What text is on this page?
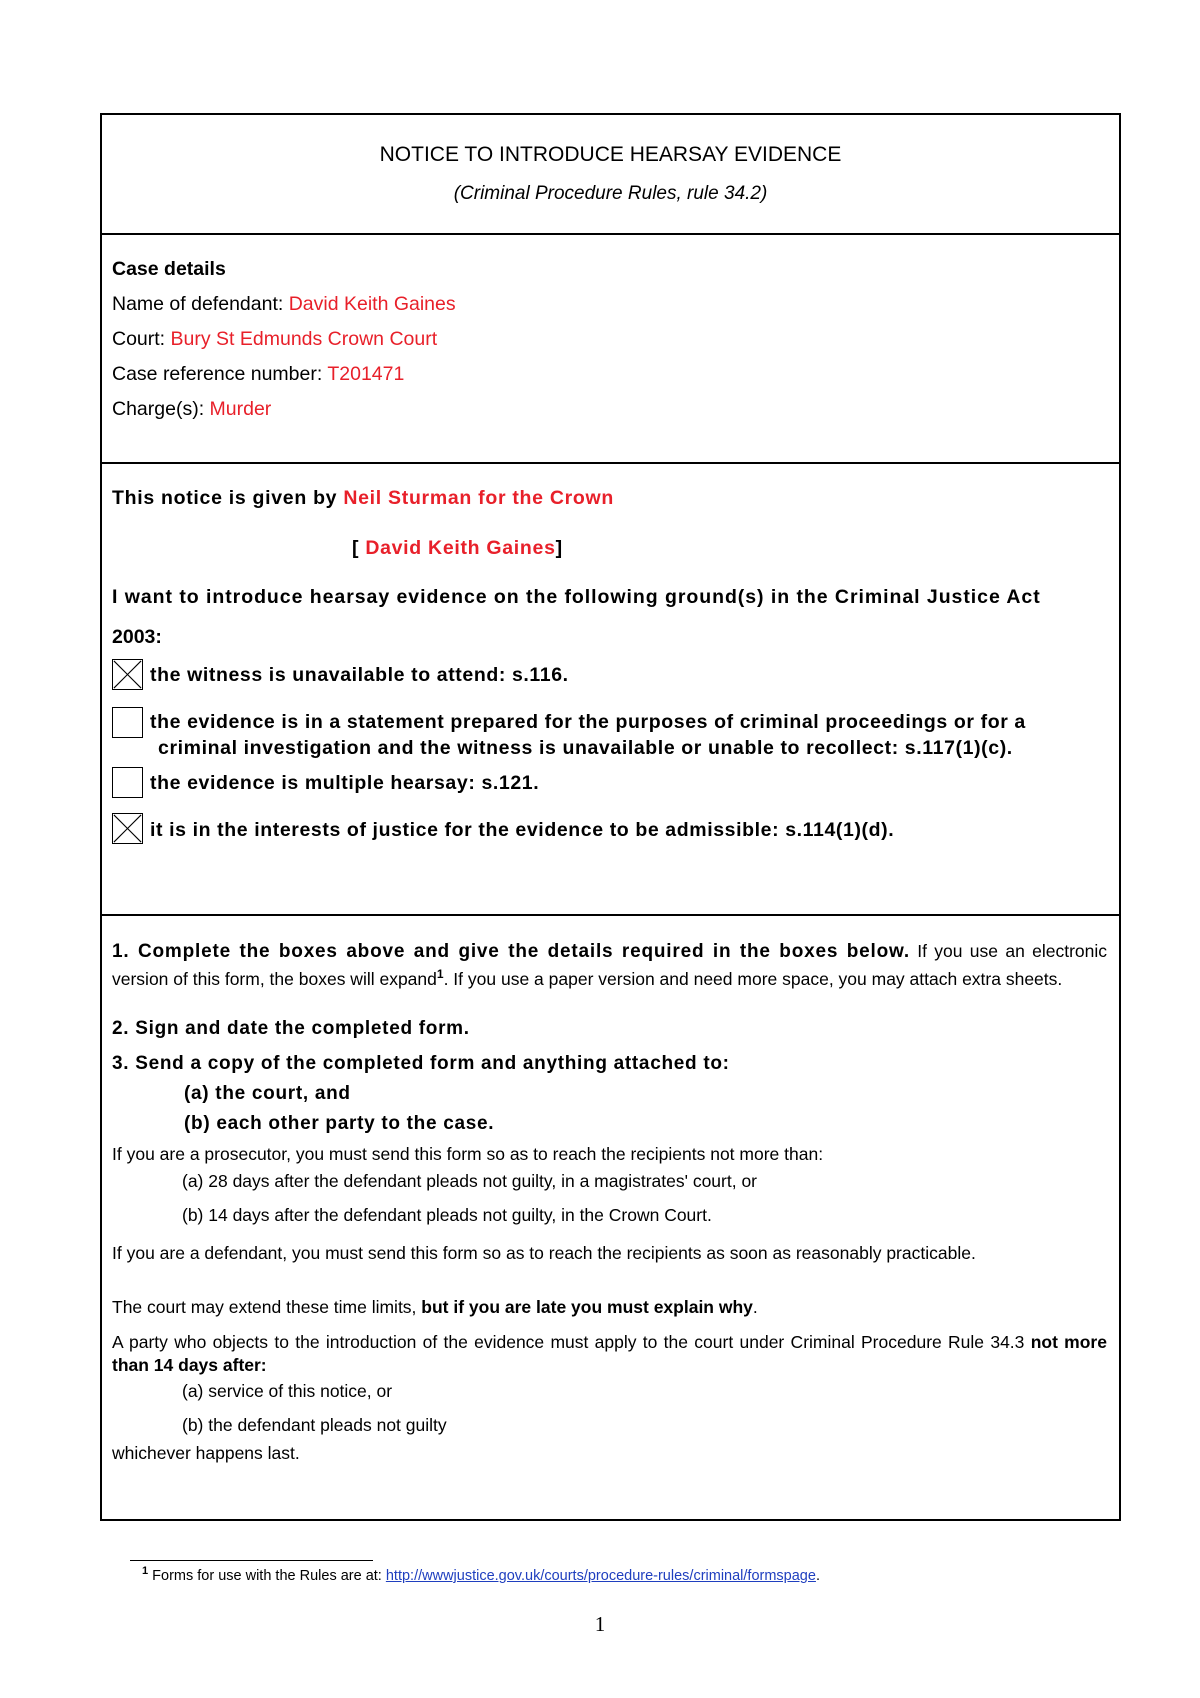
NOTICE TO INTRODUCE HEARSAY EVIDENCE
(Criminal Procedure Rules, rule 34.2)
Case details
Name of defendant: David Keith Gaines
Court: Bury St Edmunds Crown Court
Case reference number: T201471
Charge(s): Murder
This notice is given by Neil Sturman for the Crown
[ David Keith Gaines]
I want to introduce hearsay evidence on the following ground(s) in the Criminal Justice Act
2003:
the witness is unavailable to attend: s.116.
the evidence is in a statement prepared for the purposes of criminal proceedings or for a
criminal investigation and the witness is unavailable or unable to recollect: s.117(1)(c).
the evidence is multiple hearsay: s.121.
it is in the interests of justice for the evidence to be admissible: s.114(1)(d).
1. Complete the boxes above and give the details required in the boxes below. If you use an electronic version of this form, the boxes will expand$^1$. If you use a paper version and need more space, you may attach extra sheets.
2. Sign and date the completed form.
3. Send a copy of the completed form and anything attached to:
(a) the court, and
(b) each other party to the case.
If you are a prosecutor, you must send this form so as to reach the recipients not more than:
(a) 28 days after the defendant pleads not guilty, in a magistrates' court, or
(b) 14 days after the defendant pleads not guilty, in the Crown Court.
If you are a defendant, you must send this form so as to reach the recipients as soon as reasonably practicable.
The court may extend these time limits, but if you are late you must explain why.
A party who objects to the introduction of the evidence must apply to the court under Criminal Procedure Rule 34.3 not more than 14 days after:
(a) service of this notice, or
(b) the defendant pleads not guilty
whichever happens last.
$^1$ Forms for use with the Rules are at: http://wwwjustice.gov.uk/courts/procedure-rules/criminal/formspage.
1
